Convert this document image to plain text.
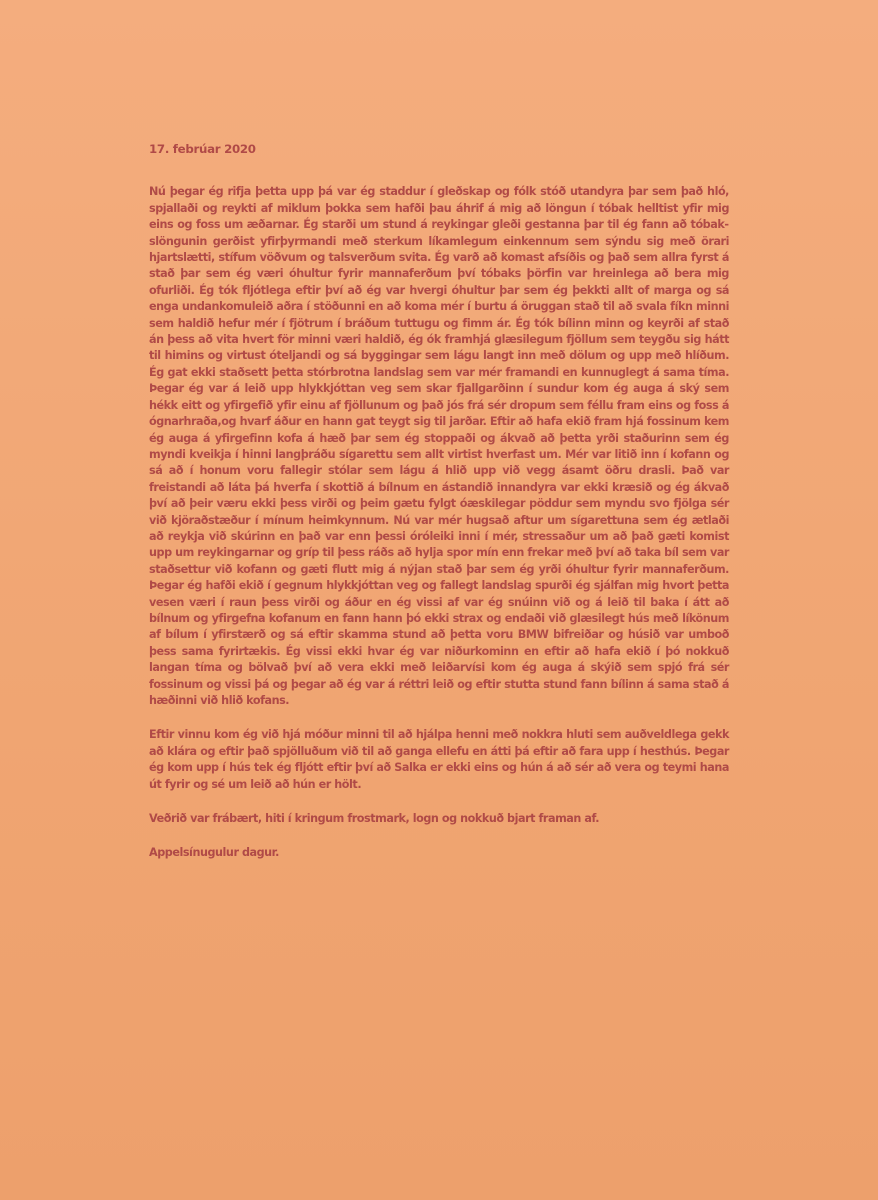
17. febrúar 2020

Nú þegar ég rifja þetta upp þá var ég staddur í gleðskap og fólk stóð utandyra þar sem það hló, spjallaði og reykti af miklum þokka sem hafði þau áhrif á mig að löngun í tóbak helltist yfir mig eins og foss um æðarnar. Ég starði um stund á reykingar gleði gestanna þar til ég fann að tóbakslöngunin gerðist yfirþyrmandi með sterkum líkamlegum einkennum sem sýndu sig með örari hjartslætti, stífum vöðvum og talsverðum svita. Ég varð að komast afsíðis og það sem allra fyrst á stað þar sem ég væri óhultur fyrir mannaferðum því tóbaks þörfin var hreinlega að bera mig ofurliði. Ég tók fljótlega eftir því að ég var hvergi óhultur þar sem ég þekkti allt of marga og sá enga undankomuleið aðra í stöðunni en að koma mér í burtu á öruggan stað til að svala fíkn minni sem haldið hefur mér í fjötrum í bráðum tuttugu og fimm ár. Ég tók bílinn minn og keyrði af stað án þess að vita hvert för minni væri haldið, ég ók framhjá glæsilegum fjöllum sem teygðu sig hátt til himins og virtust óteljandi og sá byggingar sem lágu langt inn með dölum og upp með hlíðum. Ég gat ekki staðsett þetta stórbrotna landslag sem var mér framandi en kunnuglegt á sama tíma. Þegar ég var á leið upp hlykkjóttan veg sem skar fjallgarðinn í sundur kom ég auga á ský sem hékk eitt og yfirgefið yfir einu af fjöllunum og það jós frá sér dropum sem féllu fram eins og foss á ógnarhraða,og hvarf áður en hann gat teygt sig til jarðar. Eftir að hafa ekið fram hjá fossinum kem ég auga á yfirgefinn kofa á hæð þar sem ég stoppaði og ákvað að þetta yrði staðurinn sem ég myndi kveikja í hinni langþráðu sígarettu sem allt virtist hverfast um. Mér var litið inn í kofann og sá að í honum voru fallegir stólar sem lágu á hlið upp við vegg ásamt öðru drasli. Það var freistandi að láta þá hverfa í skottið á bílnum en ástandið innandyra var ekki kræsið og ég ákvað því að þeir væru ekki þess virði og þeim gætu fylgt óæskilegar pöddur sem myndu svo fjölga sér við kjöraðstæður í mínum heimkynnum. Nú var mér hugsað aftur um sígarettuna sem ég ætlaði að reykja við skúrinn en það var enn þessi óróleiki inni í mér, stressaður um að það gæti komist upp um reykingarnar og gríp til þess ráðs að hylja spor mín enn frekar með því að taka bíl sem var staðsettur við kofann og gæti flutt mig á nýjan stað þar sem ég yrði óhultur fyrir mannaferðum. Þegar ég hafði ekið í gegnum hlykkjóttan veg og fallegt landslag spurði ég sjálfan mig hvort þetta vesen væri í raun þess virði og áður en ég vissi af var ég snúinn við og á leið til baka í átt að bílnum og yfirgefna kofanum en fann hann þó ekki strax og endaði við glæsilegt hús með líkönum af bílum í yfirstærð og sá eftir skamma stund að þetta voru BMW bifreiðar og húsið var umboð þess sama fyrirtækis. Ég vissi ekki hvar ég var niðurkominn en eftir að hafa ekið í þó nokkuð langan tíma og bölvað því að vera ekki með leiðarvísi kom ég auga á skýið sem spjó frá sér fossinum og vissi þá og þegar að ég var á réttri leið og eftir stutta stund fann bílinn á sama stað á hæðinni við hlið kofans.

Eftir vinnu kom ég við hjá móður minni til að hjálpa henni með nokkra hluti sem auðveldlega gekk að klára og eftir það spjölluðum við til að ganga ellefu en átti þá eftir að fara upp í hesthús. Þegar ég kom upp í hús tek ég fljótt eftir því að Salka er ekki eins og hún á að sér að vera og teymi hana út fyrir og sé um leið að hún er hölt.

Veðrið var frábært, hiti í kringum frostmark, logn og nokkuð bjart framan af.

Appelsínugulur dagur.
